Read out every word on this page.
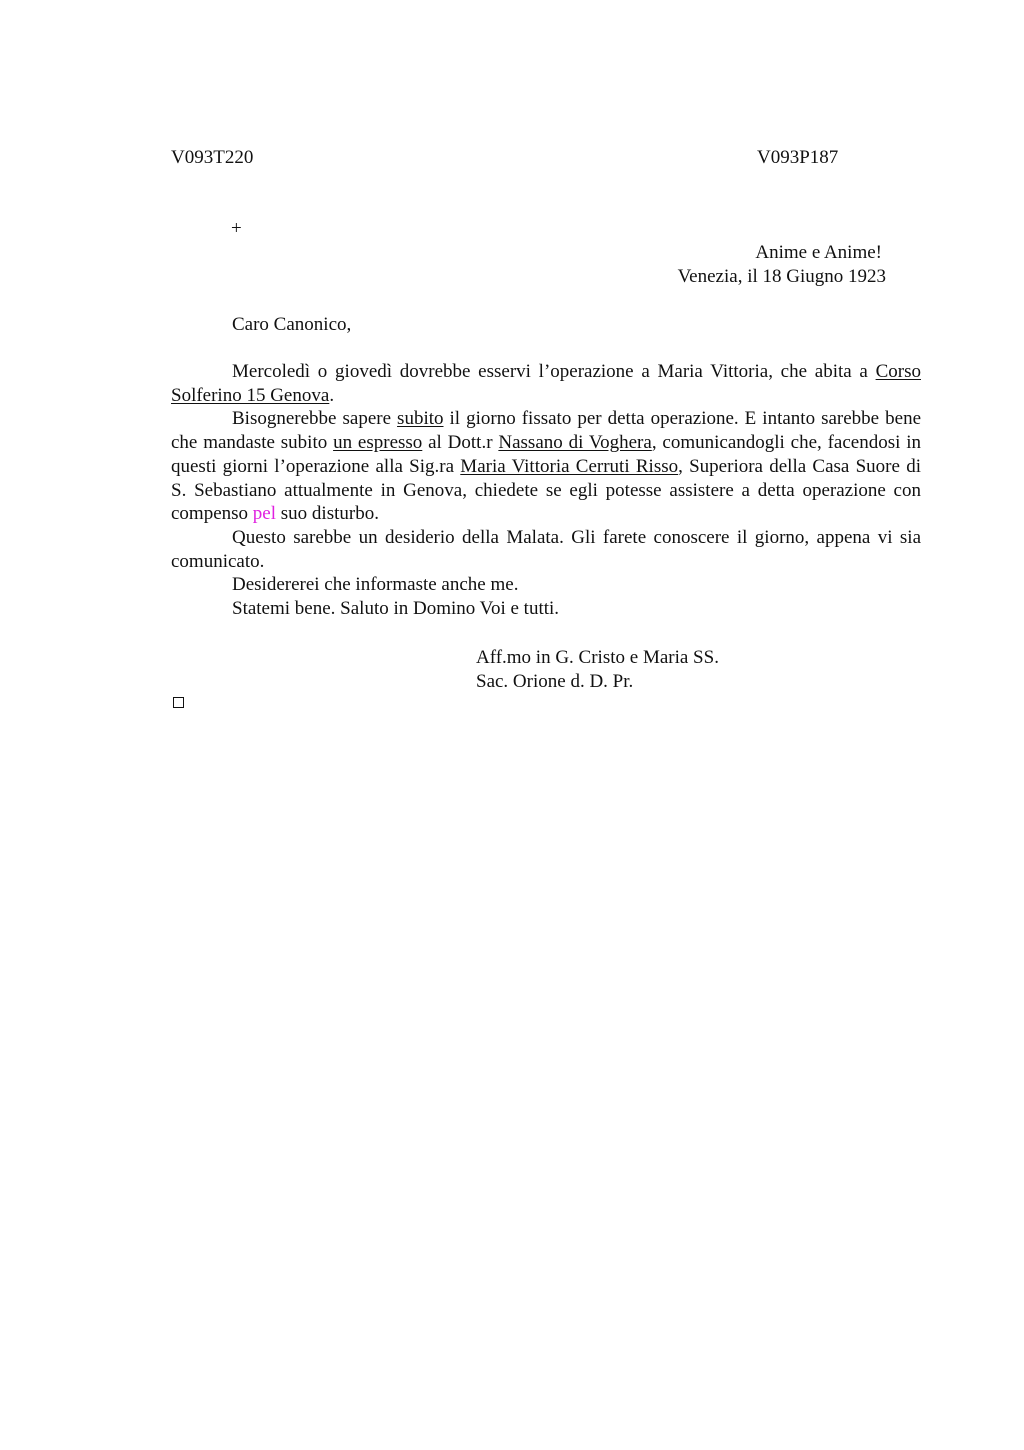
V093T220	V093P187
+
Anime e Anime!
Venezia, il 18 Giugno 1923
Caro Canonico,

Mercoledì o giovedì dovrebbe esservi l’operazione a Maria Vittoria, che abita a Corso Solferino 15 Genova.

Bisognerebbe sapere subito il giorno fissato per detta operazione. E intanto sarebbe bene che mandaste subito un espresso al Dott.r Nassano di Voghera, comunicandogli che, facendosi in questi giorni l’operazione alla Sig.ra Maria Vittoria Cerruti Risso, Superiora della Casa Suore di S. Sebastiano attualmente in Genova, chiedete se egli potesse assistere a detta operazione con compenso pel suo disturbo.

Questo sarebbe un desiderio della Malata. Gli farete conoscere il giorno, appena vi sia comunicato.

Desidererei che informaste anche me.

Statemi bene. Saluto in Domino Voi e tutti.

Aff.mo in G. Cristo e Maria SS.
Sac. Orione d. D. Pr.
